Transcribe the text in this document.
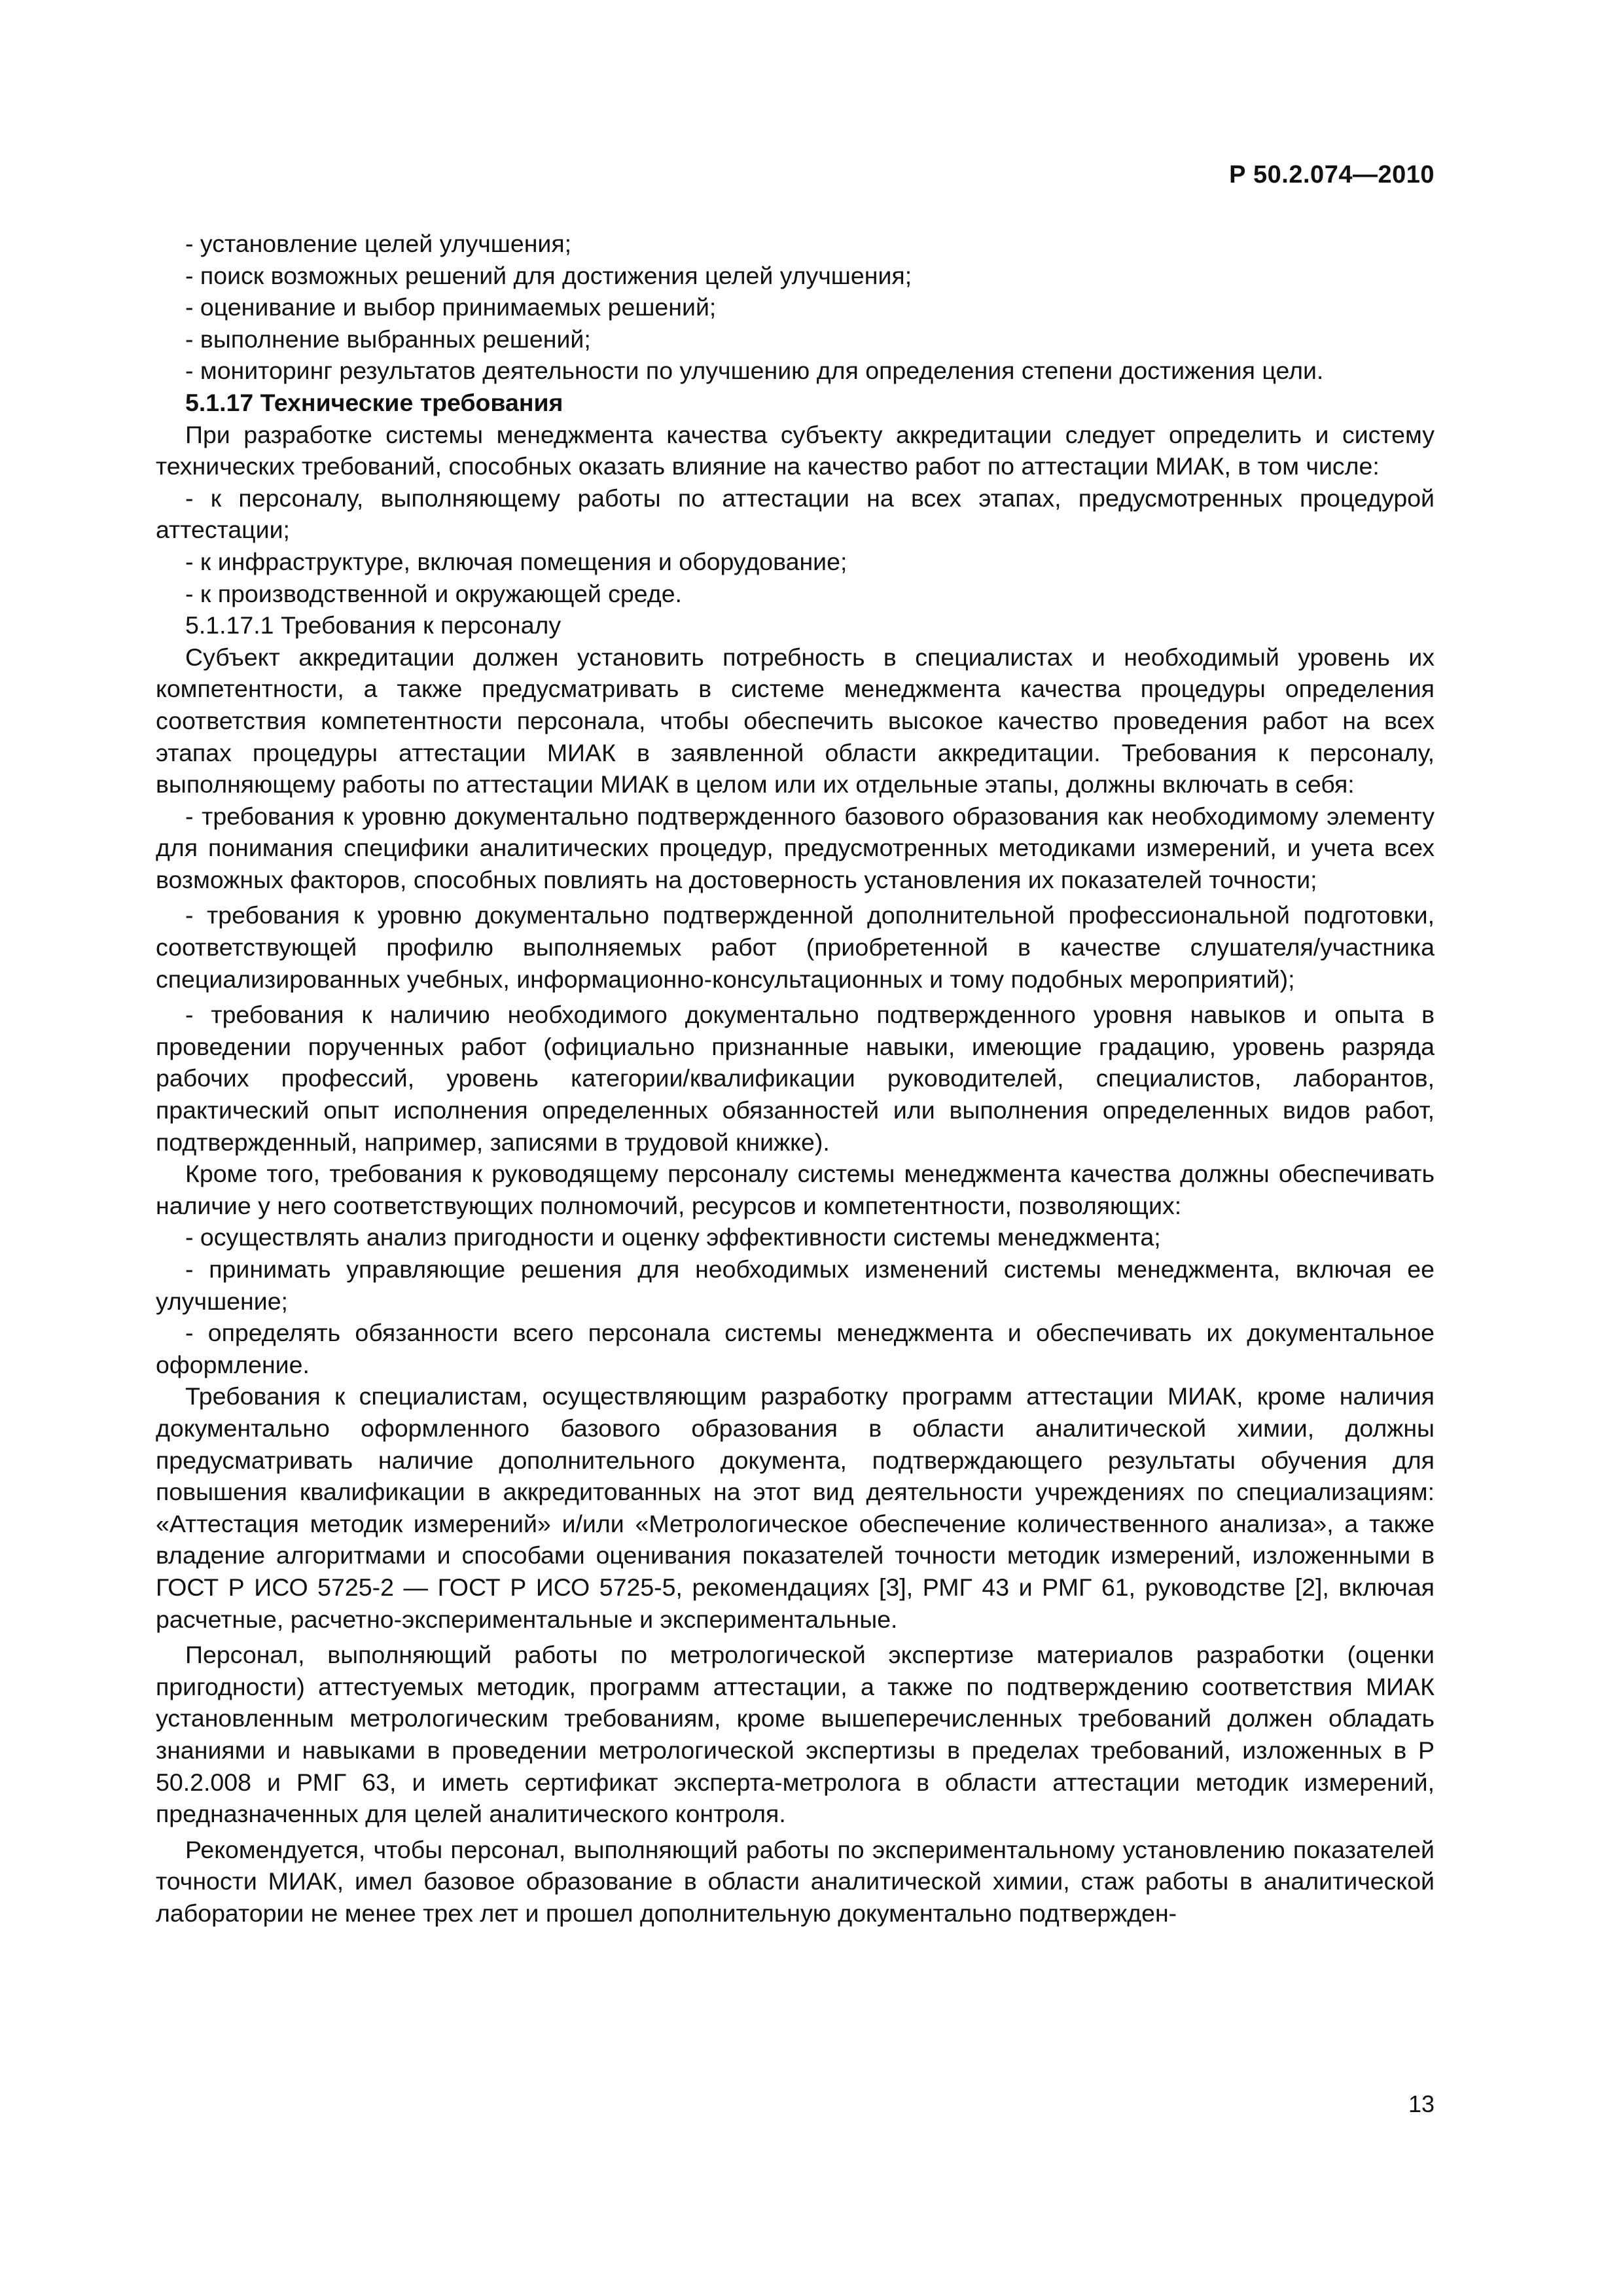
Р 50.2.074—2010

- установление целей улучшения;

- поиск возможных решений для достижения целей улучшения;

- оценивание и выбор принимаемых решений;

- выполнение выбранных решений;

- мониторинг результатов деятельности по улучшению для определения степени достижения цели.

5.1.17 Технические требования

При разработке системы менеджмента качества субъекту аккредитации следует определить и систему технических требований, способных оказать влияние на качество работ по аттестации МИАК, в том числе:

- к персоналу, выполняющему работы по аттестации на всех этапах, предусмотренных процедурой аттестации;

- к инфраструктуре, включая помещения и оборудование;

- к производственной и окружающей среде.

5.1.17.1 Требования к персоналу

Субъект аккредитации должен установить потребность в специалистах и необходимый уровень их компетентности, а также предусматривать в системе менеджмента качества процедуры определения соответствия компетентности персонала, чтобы обеспечить высокое качество проведения работ на всех этапах процедуры аттестации МИАК в заявленной области аккредитации. Требования к персоналу, выполняющему работы по аттестации МИАК в целом или их отдельные этапы, должны включать в себя:

- требования к уровню документально подтвержденного базового образования как необходимому элементу для понимания специфики аналитических процедур, предусмотренных методиками измерений, и учета всех возможных факторов, способных повлиять на достоверность установления их показателей точности;

- требования к уровню документально подтвержденной дополнительной профессиональной подготовки, соответствующей профилю выполняемых работ (приобретенной в качестве слушателя/участника специализированных учебных, информационно-консультационных и тому подобных мероприятий);

- требования к наличию необходимого документально подтвержденного уровня навыков и опыта в проведении порученных работ (официально признанные навыки, имеющие градацию, уровень разряда рабочих профессий, уровень категории/квалификации руководителей, специалистов, лаборантов, практический опыт исполнения определенных обязанностей или выполнения определенных видов работ, подтвержденный, например, записями в трудовой книжке).

Кроме того, требования к руководящему персоналу системы менеджмента качества должны обеспечивать наличие у него соответствующих полномочий, ресурсов и компетентности, позволяющих:

- осуществлять анализ пригодности и оценку эффективности системы менеджмента;

- принимать управляющие решения для необходимых изменений системы менеджмента, включая ее улучшение;

- определять обязанности всего персонала системы менеджмента и обеспечивать их документальное оформление.

Требования к специалистам, осуществляющим разработку программ аттестации МИАК, кроме наличия документально оформленного базового образования в области аналитической химии, должны предусматривать наличие дополнительного документа, подтверждающего результаты обучения для повышения квалификации в аккредитованных на этот вид деятельности учреждениях по специализациям: «Аттестация методик измерений» и/или «Метрологическое обеспечение количественного анализа», а также владение алгоритмами и способами оценивания показателей точности методик измерений, изложенными в ГОСТ Р ИСО 5725-2 — ГОСТ Р ИСО 5725-5, рекомендациях [3], РМГ 43 и РМГ 61, руководстве [2], включая расчетные, расчетно-экспериментальные и экспериментальные.

Персонал, выполняющий работы по метрологической экспертизе материалов разработки (оценки пригодности) аттестуемых методик, программ аттестации, а также по подтверждению соответствия МИАК установленным метрологическим требованиям, кроме вышеперечисленных требований должен обладать знаниями и навыками в проведении метрологической экспертизы в пределах требований, изложенных в Р 50.2.008 и РМГ 63, и иметь сертификат эксперта-метролога в области аттестации методик измерений, предназначенных для целей аналитического контроля.

Рекомендуется, чтобы персонал, выполняющий работы по экспериментальному установлению показателей точности МИАК, имел базовое образование в области аналитической химии, стаж работы в аналитической лаборатории не менее трех лет и прошел дополнительную документально подтвержден-

13
